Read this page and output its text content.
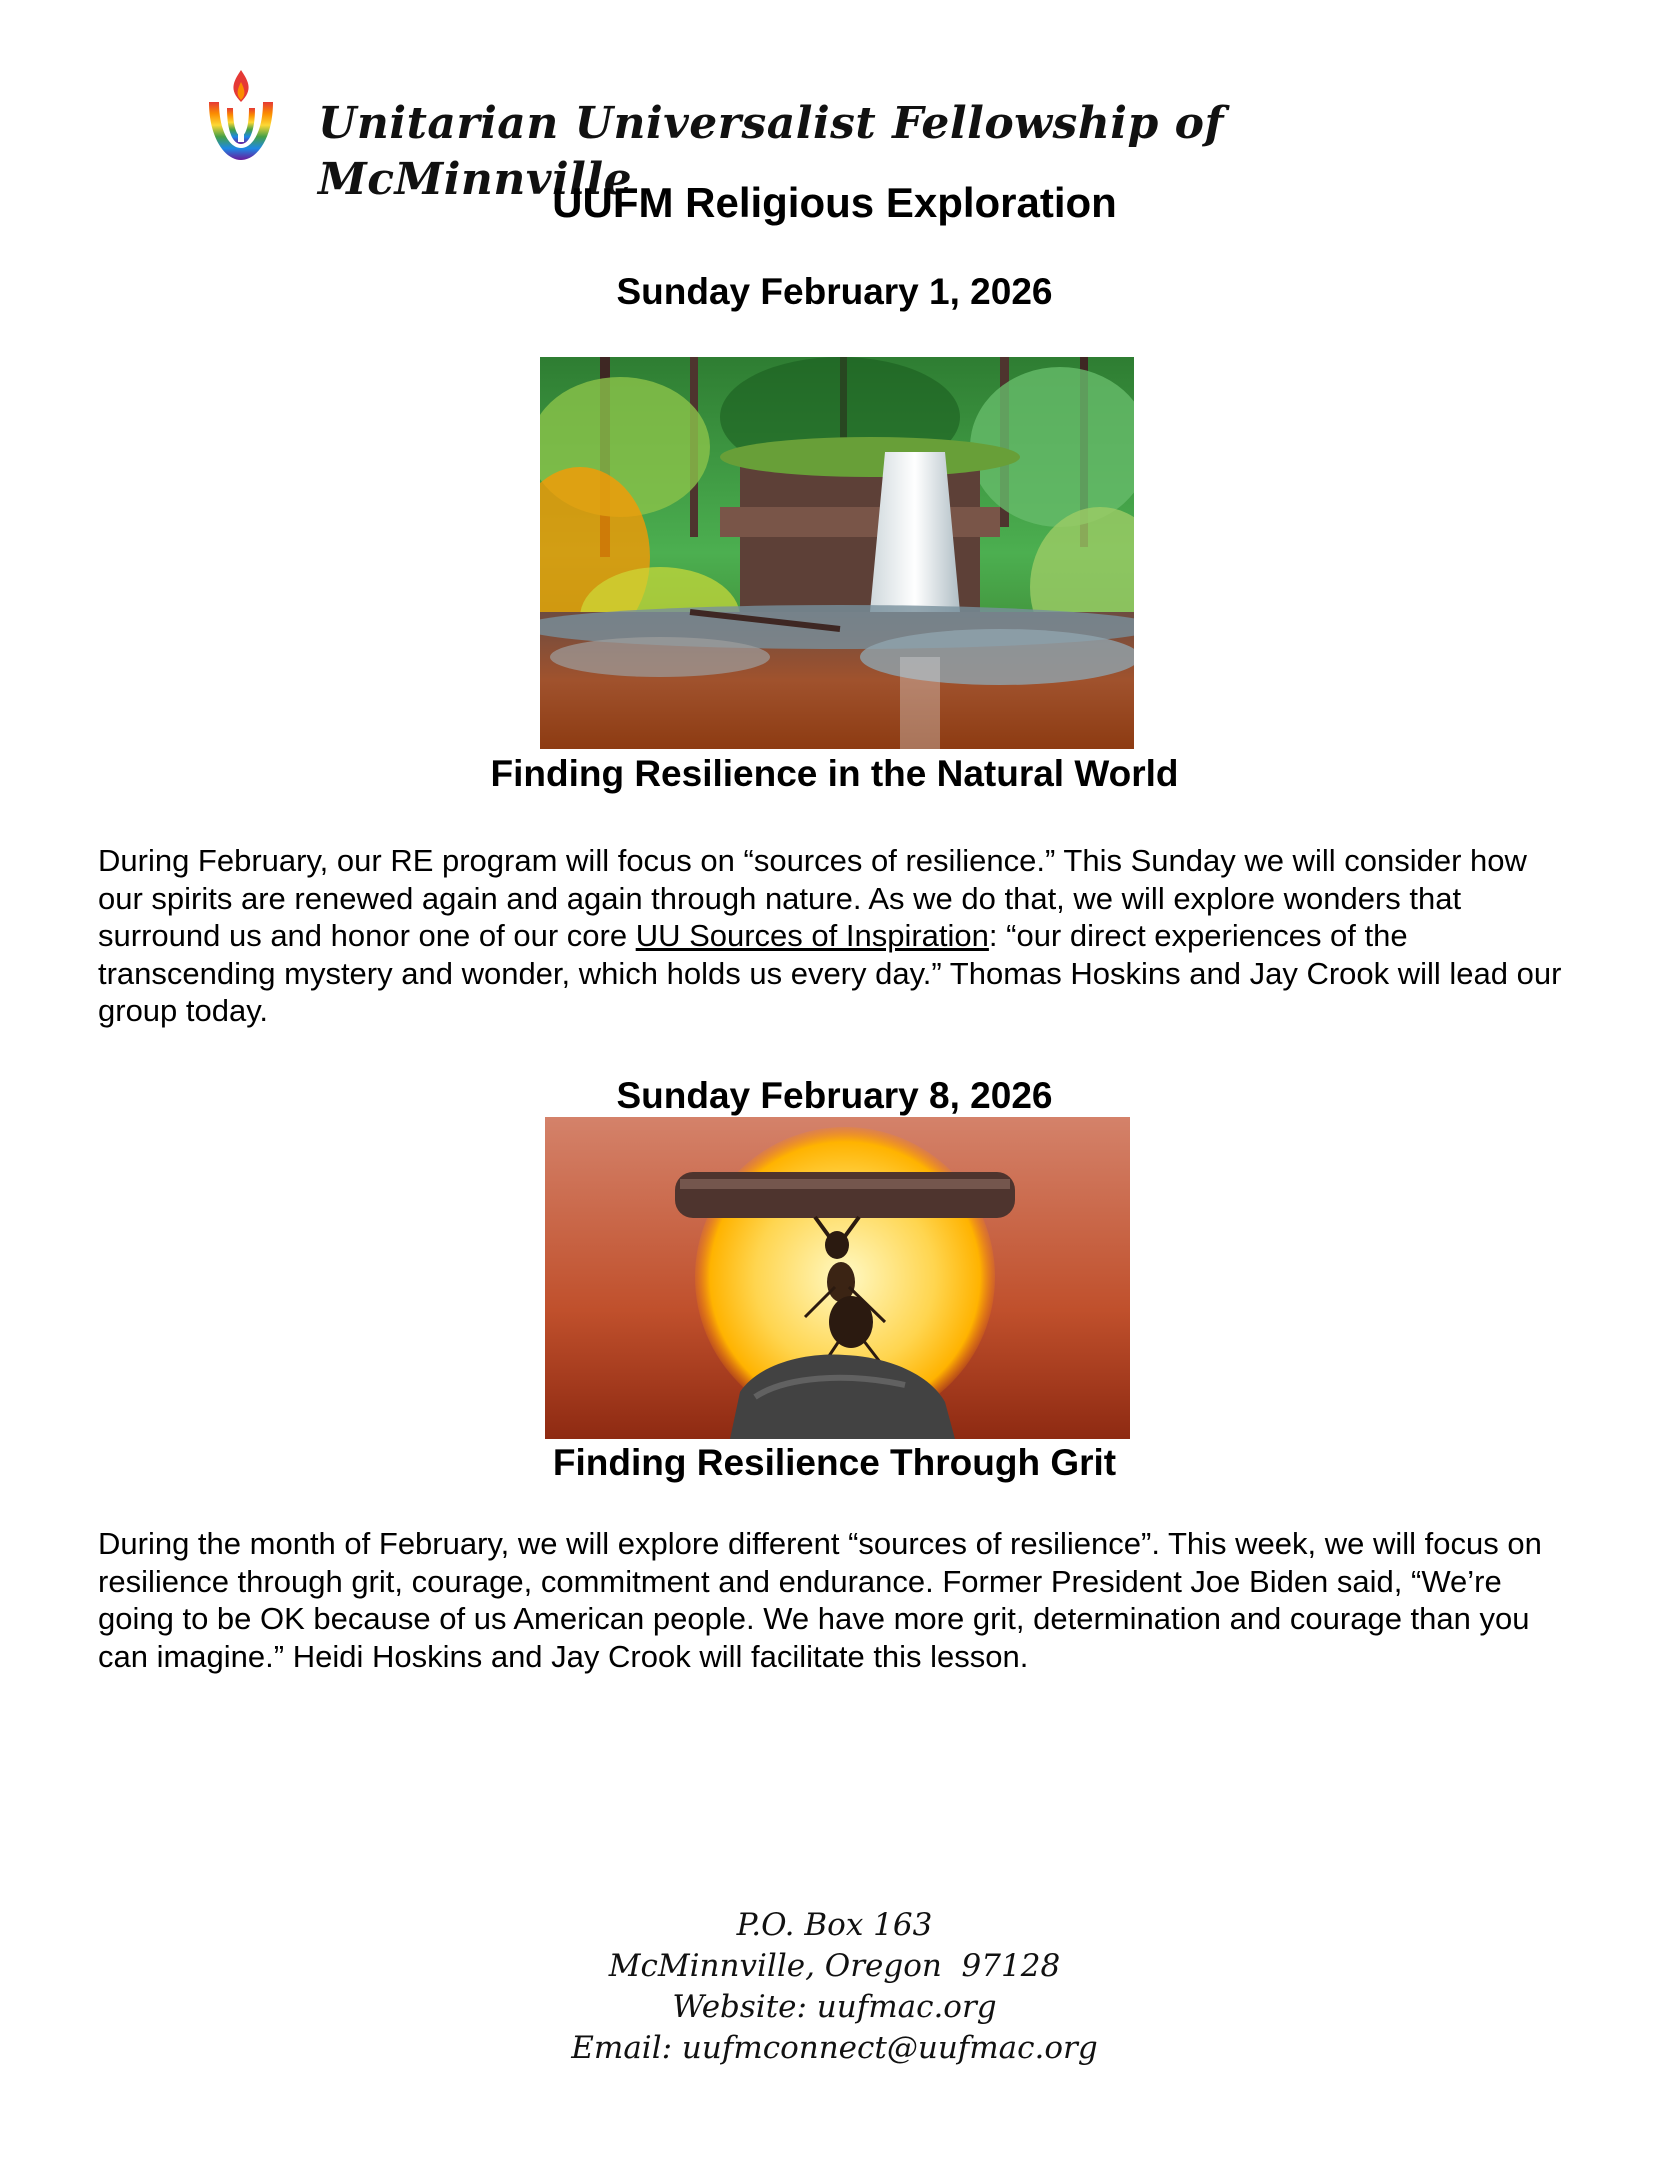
Unitarian Universalist Fellowship of McMinnville
UUFM Religious Exploration
Sunday February 1, 2026
Finding Resilience in the Natural World
During February, our RE program will focus on “sources of resilience.” This Sunday we will consider how our spirits are renewed again and again through nature. As we do that, we will explore wonders that surround us and honor one of our core UU Sources of Inspiration: “our direct experiences of the transcending mystery and wonder, which holds us every day.” Thomas Hoskins and Jay Crook will lead our group today.
Sunday February 8, 2026
Finding Resilience Through Grit
During the month of February, we will explore different “sources of resilience”. This week, we will focus on resilience through grit, courage, commitment and endurance. Former President Joe Biden said, “We’re going to be OK because of us American people. We have more grit, determination and courage than you can imagine.” Heidi Hoskins and Jay Crook will facilitate this lesson.
P.O. Box 163
McMinnville, Oregon  97128
Website: uufmac.org
Email: uufmconnect@uufmac.org
